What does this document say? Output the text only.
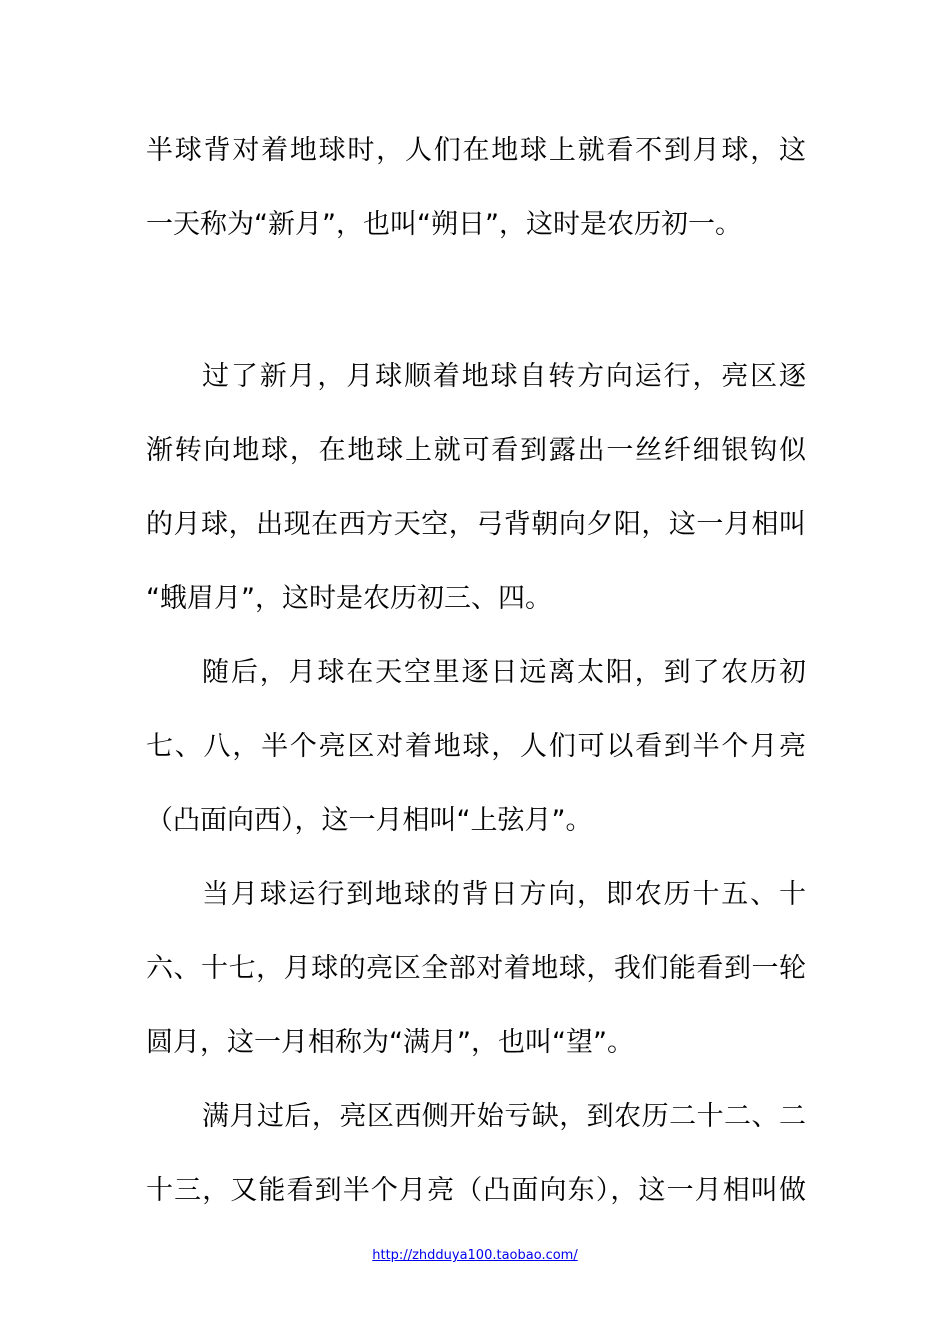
半球背对着地球时，人们在地球上就看不到月球，这
一天称为“新月”，也叫“朔日”，这时是农历初一。
过了新月，月球顺着地球自转方向运行，亮区逐
渐转向地球，在地球上就可看到露出一丝纤细银钩似
的月球，出现在西方天空，弓背朝向夕阳，这一月相叫
“蛾眉月”，这时是农历初三、四。
随后，月球在天空里逐日远离太阳，到了农历初
七、八，半个亮区对着地球，人们可以看到半个月亮
（凸面向西），这一月相叫“上弦月”。
当月球运行到地球的背日方向，即农历十五、十
六、十七，月球的亮区全部对着地球，我们能看到一轮
圆月，这一月相称为“满月”，也叫“望”。
满月过后，亮区西侧开始亏缺，到农历二十二、二
十三，又能看到半个月亮（凸面向东），这一月相叫做
http://zhdduya100.taobao.com/
